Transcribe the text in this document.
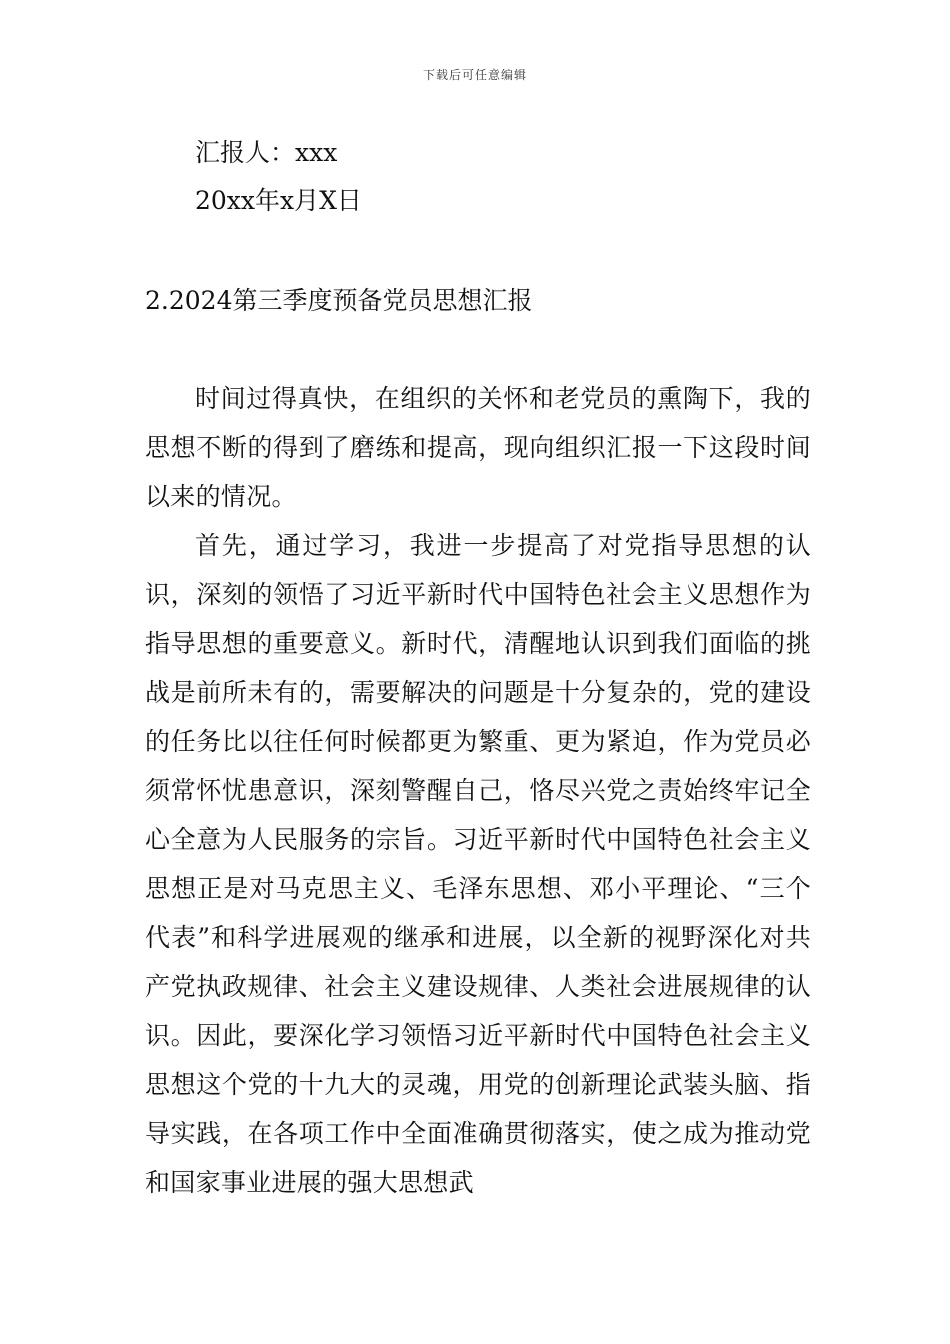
下载后可任意编辑
汇报人：xxx
20xx年x月X日
2.2024第三季度预备党员思想汇报

时间过得真快，在组织的关怀和老党员的熏陶下，我的思想不断的得到了磨练和提高，现向组织汇报一下这段时间以来的情况。

首先，通过学习，我进一步提高了对党指导思想的认识，深刻的领悟了习近平新时代中国特色社会主义思想作为指导思想的重要意义。新时代，清醒地认识到我们面临的挑战是前所未有的，需要解决的问题是十分复杂的，党的建设的任务比以往任何时候都更为繁重、更为紧迫，作为党员必须常怀忧患意识，深刻警醒自己，恪尽兴党之责始终牢记全心全意为人民服务的宗旨。习近平新时代中国特色社会主义思想正是对马克思主义、毛泽东思想、邓小平理论、“三个代表”和科学进展观的继承和进展，以全新的视野深化对共产党执政规律、社会主义建设规律、人类社会进展规律的认识。因此，要深化学习领悟习近平新时代中国特色社会主义思想这个党的十九大的灵魂，用党的创新理论武装头脑、指导实践，在各项工作中全面准确贯彻落实，使之成为推动党和国家事业进展的强大思想武
